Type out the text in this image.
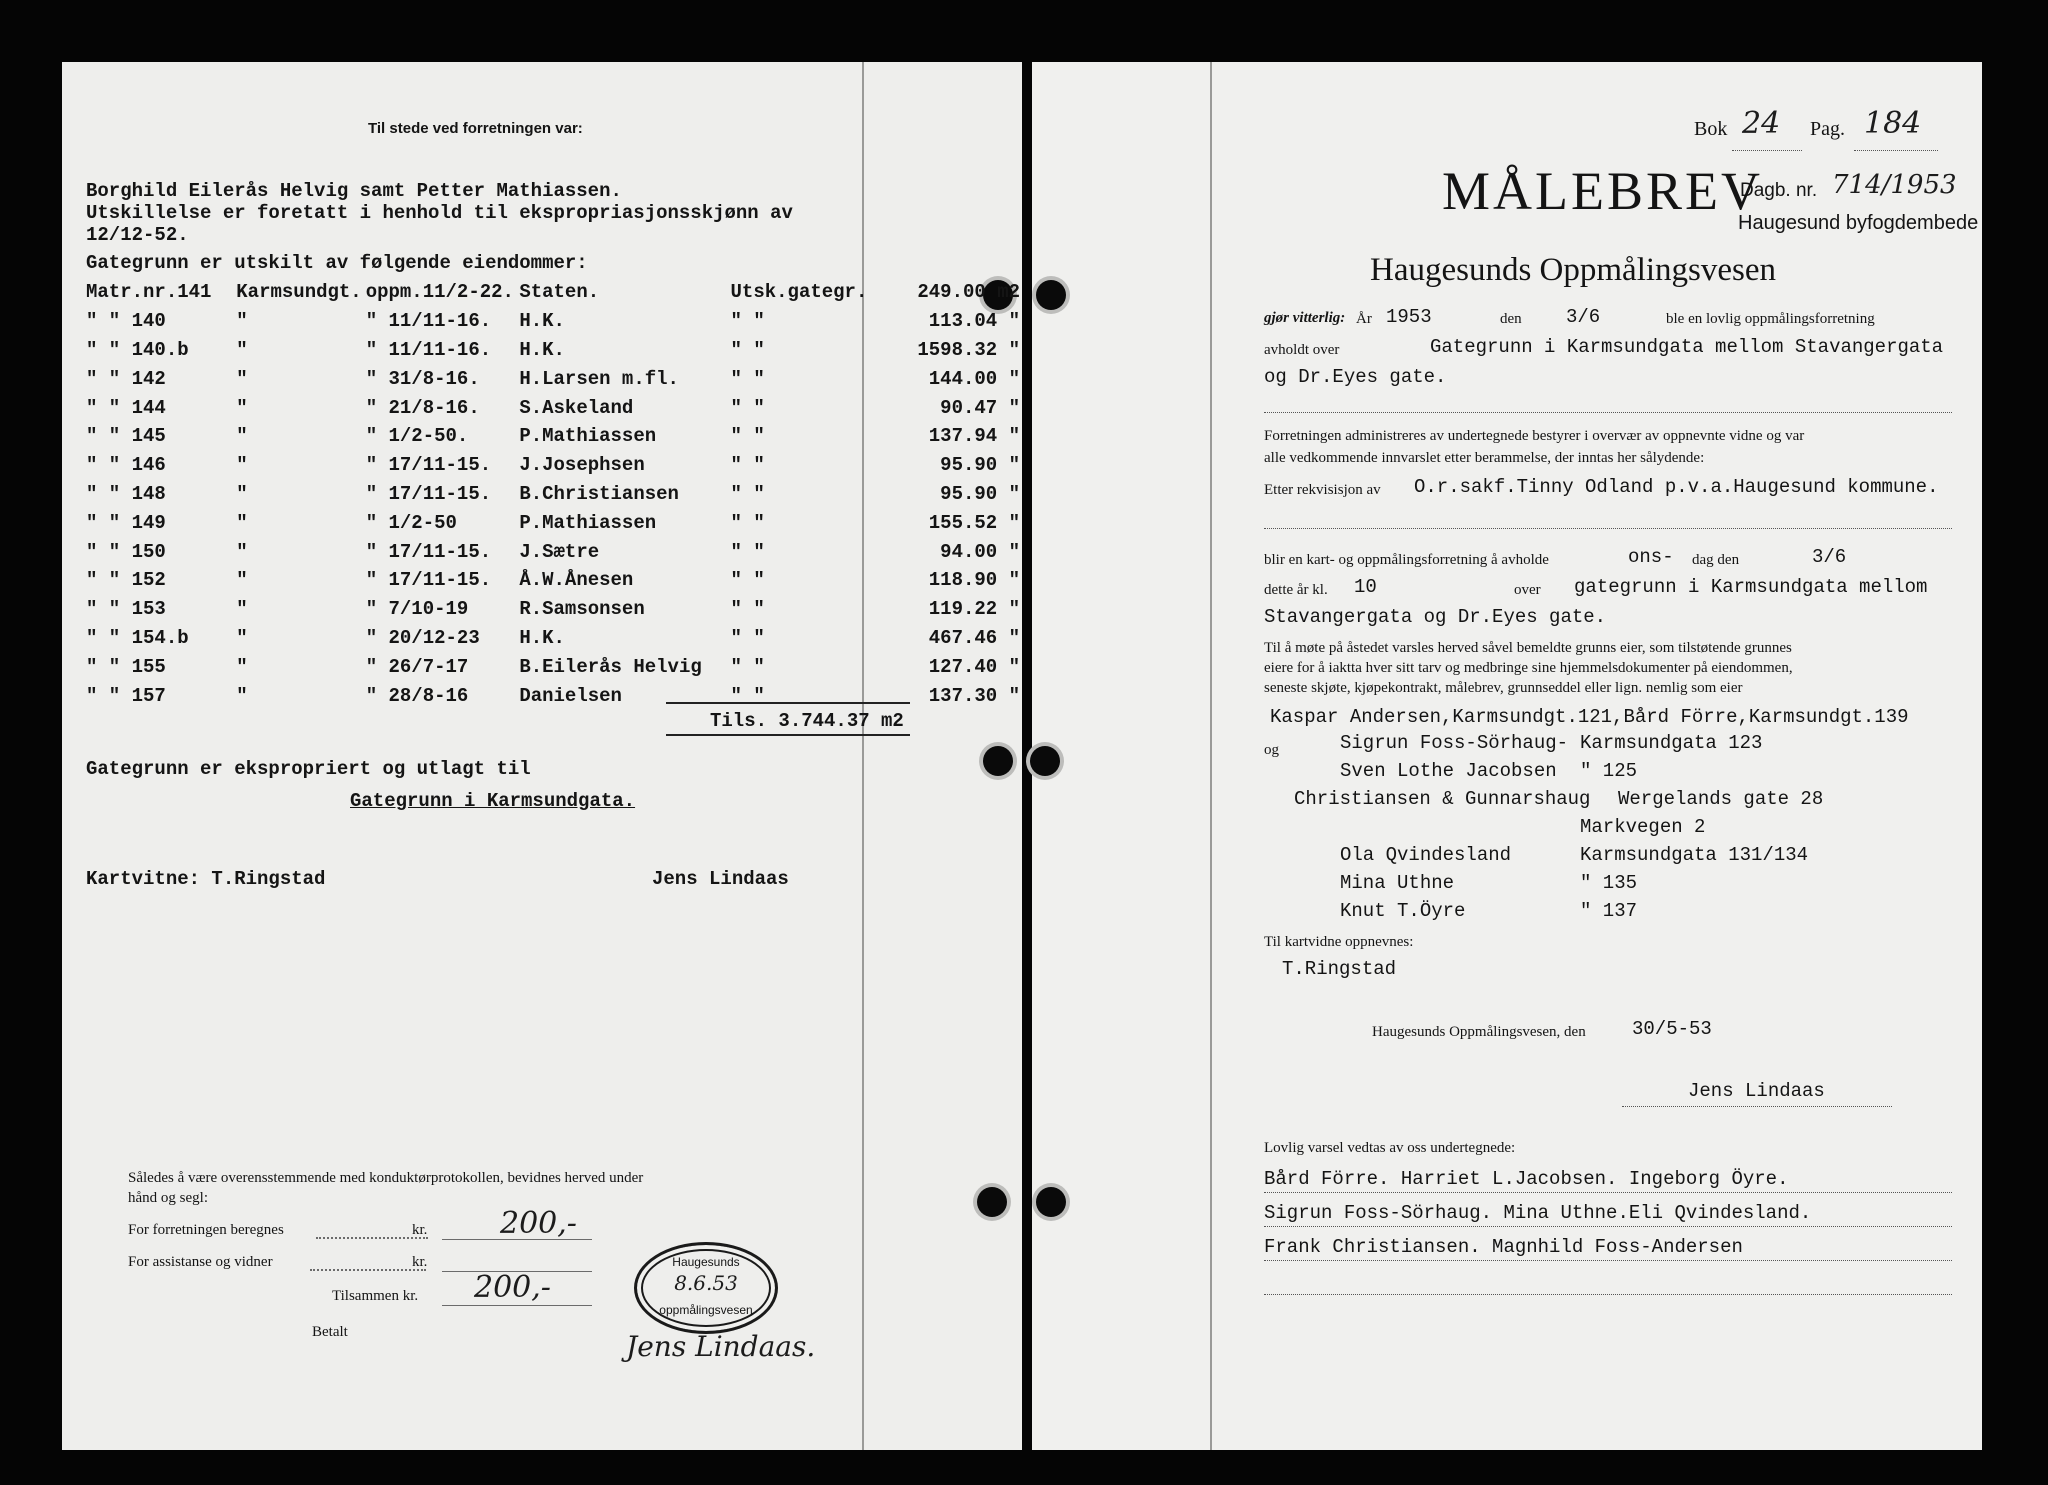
Til stede ved forretningen var:
Borghild Eilerås Helvig samt Petter Mathiassen.
Utskillelse er foretatt i henhold til ekspropriasjonsskjønn av
12/12-52.
Gategrunn er utskilt av følgende eiendommer:
Matr.nr.141	Karmsundgt.	oppm.11/2-22.	Staten.	Utsk.gategr.	249.00 m2
" " 140	"	" 11/11-16.	H.K.	" "	113.04 "
" " 140.b	"	" 11/11-16.	H.K.	" "	1598.32 "
" " 142	"	" 31/8-16.	H.Larsen m.fl.	" "	144.00 "
" " 144	"	" 21/8-16.	S.Askeland	" "	90.47 "
" " 145	"	" 1/2-50.	P.Mathiassen	" "	137.94 "
" " 146	"	" 17/11-15.	J.Josephsen	" "	95.90 "
" " 148	"	" 17/11-15.	B.Christiansen	" "	95.90 "
" " 149	"	" 1/2-50	P.Mathiassen	" "	155.52 "
" " 150	"	" 17/11-15.	J.Sætre	" "	94.00 "
" " 152	"	" 17/11-15.	Å.W.Ånesen	" "	118.90 "
" " 153	"	" 7/10-19	R.Samsonsen	" "	119.22 "
" " 154.b	"	" 20/12-23	H.K.	" "	467.46 "
" " 155	"	" 26/7-17	B.Eilerås Helvig	" "	127.40 "
" " 157	"	" 28/8-16	Danielsen	" "	137.30 "
Tils. 3.744.37 m2
Gategrunn er ekspropriert og utlagt til
Gategrunn i Karmsundgata.
Kartvitne: T.Ringstad	Jens Lindaas
Således å være overensstemmende med konduktørprotokollen, bevidnes herved under
hånd og segl:
For forretningen beregnes	kr. 200,-
For assistanse og vidner	kr.
Tilsammen kr. 200,-
Betalt
Haugesunds
8.6.53
oppmålingsvesen
Jens Lindaas.
Bok 24 Pag. 184
MÅLEBREV
Dagb. nr. 714/1953
Haugesund byfogdembede
Haugesunds Oppmålingsvesen
gjør vitterlig: År 1953	den 3/6	ble en lovlig oppmålingsforretning
avholdt over	Gategrunn i Karmsundgata mellom Stavangergata
og Dr.Eyes gate.
Forretningen administreres av undertegnede bestyrer i overvær av oppnevnte vidne og var
alle vedkommende innvarslet etter berammelse, der inntas her sålydende:
Etter rekvisisjon av O.r.sakf.Tinny Odland p.v.a.Haugesund kommune.
blir en kart- og oppmålingsforretning å avholde	ons- dag den	3/6
dette år kl. 10	over gategrunn i Karmsundgata mellom
Stavangergata og Dr.Eyes gate.
Til å møte på åstedet varsles herved såvel bemeldte grunns eier, som tilstøtende grunnes
eiere for å iaktta hver sitt tarv og medbringe sine hjemmelsdokumenter på eiendommen,
seneste skjøte, kjøpekontrakt, målebrev, grunnseddel eller lign. nemlig som eier
Kaspar Andersen,Karmsundgt.121,Bård Förre,Karmsundgt.139
og	Sigrun Foss-Sörhaug- Karmsundgata 123
Sven Lothe Jacobsen " 125
Christiansen & Gunnarshaug Wergelands gate 28
Markvegen 2
Ola Qvindesland	Karmsundgata 131/134
Mina Uthne	" 135
Knut T.Öyre	" 137
Til kartvidne oppnevnes:
T.Ringstad
Haugesunds Oppmålingsvesen, den 30/5-53
Jens Lindaas
Lovlig varsel vedtas av oss undertegnede:
Bård Förre. Harriet L.Jacobsen. Ingeborg Öyre.
Sigrun Foss-Sörhaug. Mina Uthne.Eli Qvindesland.
Frank Christiansen. Magnhild Foss-Andersen
